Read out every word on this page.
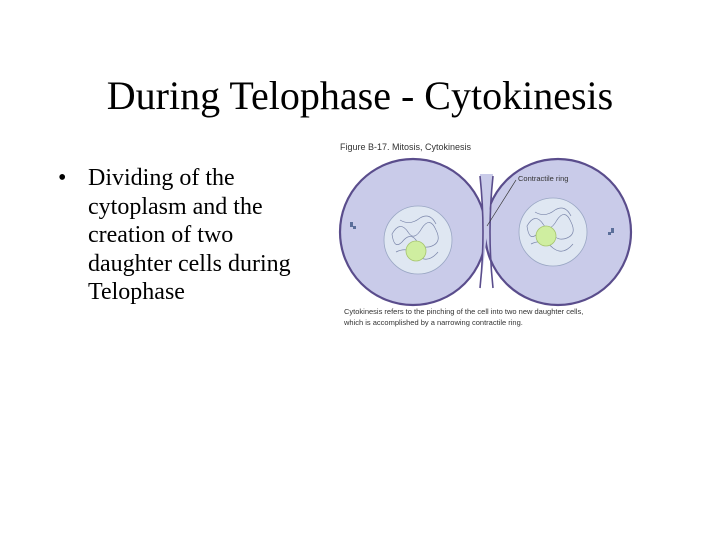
During Telophase - Cytokinesis
• Dividing of the
cytoplasm and the
creation of two
daughter cells during
Telophase
Figure B-17. Mitosis, Cytokinesis
Contractile ring
Cytokinesis refers to the pinching of the cell into two new daughter cells,
which is accomplished by a narrowing contractile ring.
